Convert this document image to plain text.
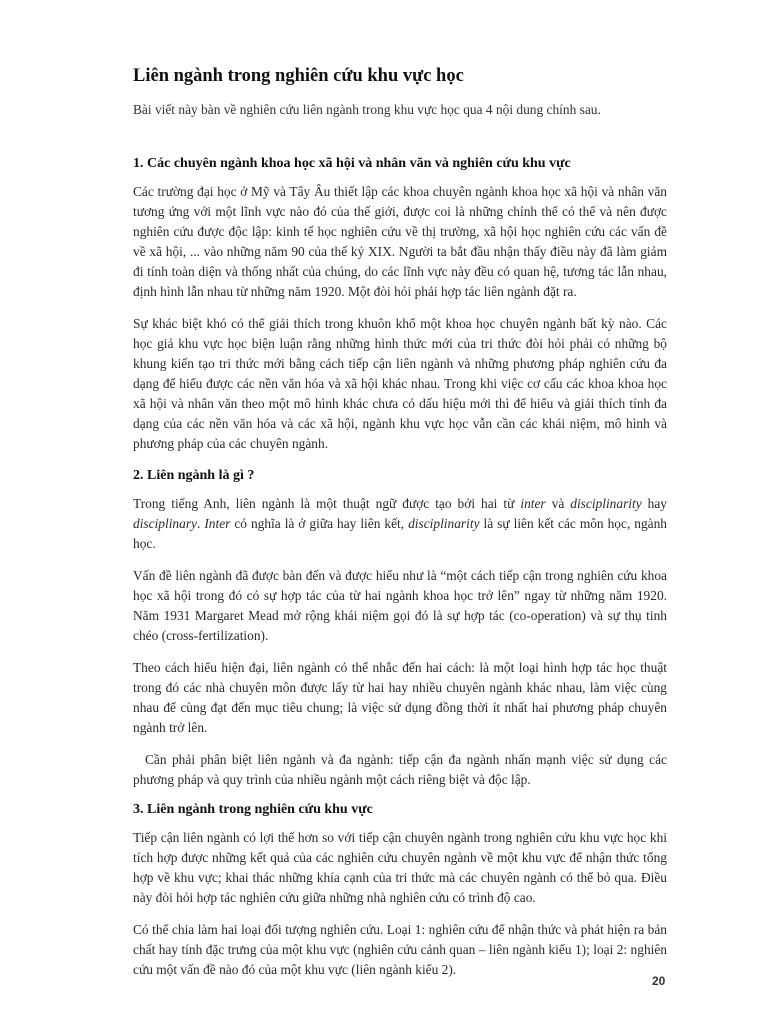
Liên ngành trong nghiên cứu khu vực học

Bài viết này bàn về nghiên cứu liên ngành trong khu vực học qua 4 nội dung chính sau.

1. Các chuyên ngành khoa học xã hội và nhân văn và nghiên cứu khu vực

Các trường đại học ở Mỹ và Tây Âu thiết lập các khoa chuyên ngành khoa học xã hội và nhân văn tương ứng với một lĩnh vực nào đó của thế giới, được coi là những chỉnh thể có thể và nên được nghiên cứu được độc lập: kinh tế học nghiên cứu về thị trường, xã hội học nghiên cứu các vấn đề về xã hội, ... vào những năm 90 của thế kỷ XIX. Người ta bắt đầu nhận thấy điều này đã làm giảm đi tính toàn diện và thống nhất của chúng, do các lĩnh vực này đều có quan hệ, tương tác lẫn nhau, định hình lẫn nhau từ những năm 1920. Một đòi hỏi phải hợp tác liên ngành đặt ra.

Sự khác biệt khó có thể giải thích trong khuôn khổ một khoa học chuyên ngành bất kỳ nào. Các học giả khu vực học biện luận rằng những hình thức mới của tri thức đòi hỏi phải có những bộ khung kiến tạo tri thức mới bằng cách tiếp cận liên ngành và những phương pháp nghiên cứu đa dạng để hiểu được các nền văn hóa và xã hội khác nhau. Trong khi việc cơ cấu các khoa khoa học xã hội và nhân văn theo một mô hình khác chưa có dấu hiệu mới thì để hiểu và giải thích tính đa dạng của các nền văn hóa và các xã hội, ngành khu vực học vẫn cần các khái niệm, mô hình và phương pháp của các chuyên ngành.

2. Liên ngành là gì ?

Trong tiếng Anh, liên ngành là một thuật ngữ được tạo bởi hai từ inter và disciplinarity hay disciplinary. Inter có nghĩa là ở giữa hay liên kết, disciplinarity là sự liên kết các môn học, ngành học.

Vấn đề liên ngành đã được bàn đến và được hiểu như là “một cách tiếp cận trong nghiên cứu khoa học xã hội trong đó có sự hợp tác của từ hai ngành khoa học trở lên” ngay từ những năm 1920. Năm 1931 Margaret Mead mở rộng khái niệm gọi đó là sự hợp tác (co-operation) và sự thụ tinh chéo (cross-fertilization).

Theo cách hiểu hiện đại, liên ngành có thể nhắc đến hai cách: là một loại hình hợp tác học thuật trong đó các nhà chuyên môn được lấy từ hai hay nhiều chuyên ngành khác nhau, làm việc cùng nhau để cùng đạt đến mục tiêu chung; là việc sử dụng đồng thời ít nhất hai phương pháp chuyên ngành trở lên.

Cần phải phân biệt liên ngành và đa ngành: tiếp cận đa ngành nhấn mạnh việc sử dụng các phương pháp và quy trình của nhiều ngành một cách riêng biệt và độc lập.

3. Liên ngành trong nghiên cứu khu vực

Tiếp cận liên ngành có lợi thế hơn so với tiếp cận chuyên ngành trong nghiên cứu khu vực học khi tích hợp được những kết quả của các nghiên cứu chuyên ngành về một khu vực để nhận thức tổng hợp về khu vực; khai thác những khía cạnh của tri thức mà các chuyên ngành có thể bỏ qua. Điều này đòi hỏi hợp tác nghiên cứu giữa những nhà nghiên cứu có trình độ cao.

Có thể chia làm hai loại đối tượng nghiên cứu. Loại 1: nghiên cứu để nhận thức và phát hiện ra bản chất hay tính đặc trưng của một khu vực (nghiên cứu cảnh quan – liên ngành kiểu 1); loại 2: nghiên cứu một vấn đề nào đó của một khu vực (liên ngành kiểu 2).

20
